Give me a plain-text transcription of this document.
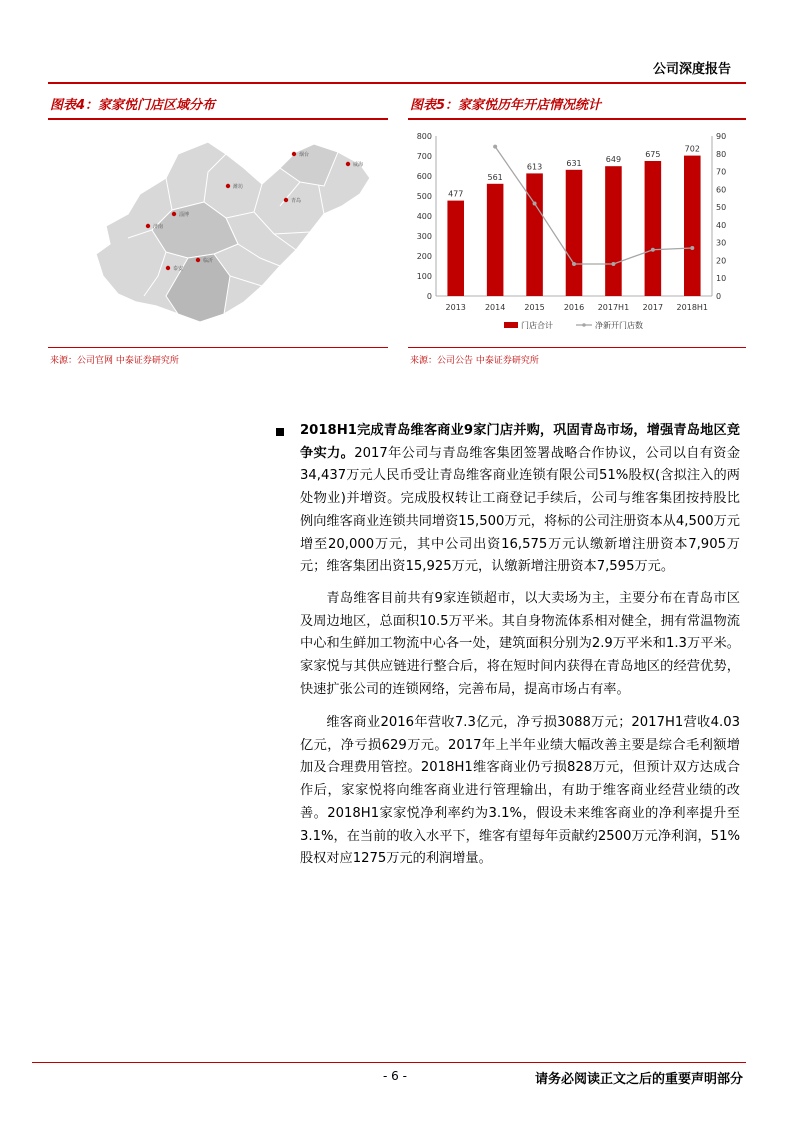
公司深度报告
图表4：家家悦门店区域分布
威海
烟台
青岛
潍坊
济南
淄博
泰安
临沂
来源：公司官网 中泰证券研究所
图表5：家家悦历年开店情况统计
0
100
200
300
400
500
600
700
800
0
10
20
30
40
50
60
70
80
90
477
561
613	631	649
675
702
2013 2014 2015 2016 2017H1 2017 2018H1
门店合计	净新开门店数
来源：公司公告 中泰证券研究所
2018H1完成青岛维客商业9家门店并购，巩固青岛市场，增强青岛地区竞争实力。2017年公司与青岛维客集团签署战略合作协议，公司以自有资金34,437万元人民币受让青岛维客商业连锁有限公司51%股权(含拟注入的两处物业)并增资。完成股权转让工商登记手续后，公司与维客集团按持股比例向维客商业连锁共同增资15,500万元，将标的公司注册资本从4,500万元增至20,000万元，其中公司出资16,575万元认缴新增注册资本7,905万元；维客集团出资15,925万元，认缴新增注册资本7,595万元。
青岛维客目前共有9家连锁超市，以大卖场为主，主要分布在青岛市区及周边地区，总面积10.5万平米。其自身物流体系相对健全，拥有常温物流中心和生鲜加工物流中心各一处，建筑面积分别为2.9万平米和1.3万平米。家家悦与其供应链进行整合后，将在短时间内获得在青岛地区的经营优势，快速扩张公司的连锁网络，完善布局，提高市场占有率。
维客商业2016年营收7.3亿元，净亏损3088万元；2017H1营收4.03亿元，净亏损629万元。2017年上半年业绩大幅改善主要是综合毛利额增加及合理费用管控。2018H1维客商业仍亏损828万元，但预计双方达成合作后，家家悦将向维客商业进行管理输出，有助于维客商业经营业绩的改善。2018H1家家悦净利率约为3.1%，假设未来维客商业的净利率提升至3.1%，在当前的收入水平下，维客有望每年贡献约2500万元净利润，51%股权对应1275万元的利润增量。
- 6 -	请务必阅读正文之后的重要声明部分
